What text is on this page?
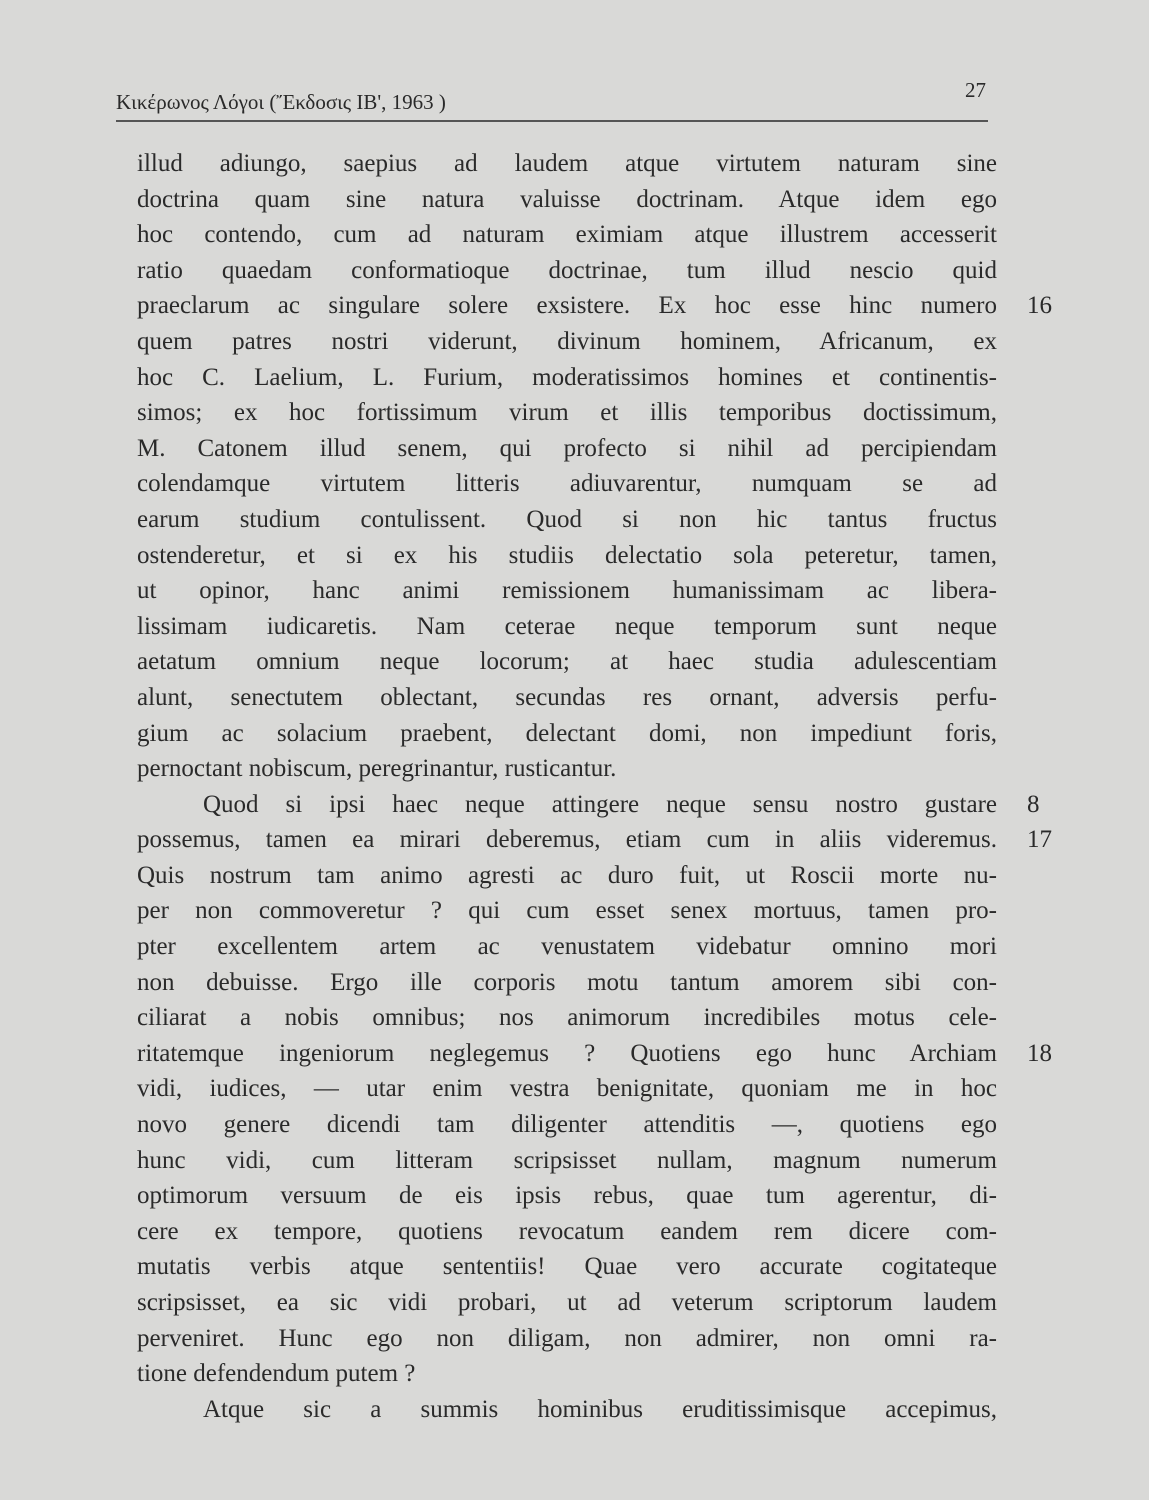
Κικέρωνος Λόγοι (Ἔκδοσις ΙΒ', 1963 )	27
illud adiungo, saepius ad laudem atque virtutem naturam sine
doctrina quam sine natura valuisse doctrinam. Atque idem ego
hoc contendo, cum ad naturam eximiam atque illustrem accesserit
ratio quaedam conformatioque doctrinae, tum illud nescio quid
praeclarum ac singulare solere exsistere. Ex hoc esse hinc numero 16
quem patres nostri viderunt, divinum hominem, Africanum, ex
hoc C. Laelium, L. Furium, moderatissimos homines et continentis-
simos; ex hoc fortissimum virum et illis temporibus doctissimum,
M. Catonem illud senem, qui profecto si nihil ad percipiendam
colendamque virtutem litteris adiuvarentur, numquam se ad
earum studium contulissent. Quod si non hic tantus fructus
ostenderetur, et si ex his studiis delectatio sola peteretur, tamen,
ut opinor, hanc animi remissionem humanissimam ac libera-
lissimam iudicaretis. Nam ceterae neque temporum sunt neque
aetatum omnium neque locorum; at haec studia adulescentiam
alunt, senectutem oblectant, secundas res ornant, adversis perfu-
gium ac solacium praebent, delectant domi, non impediunt foris,
pernoctant nobiscum, peregrinantur, rusticantur.
Quod si ipsi haec neque attingere neque sensu nostro gustare 8
possemus, tamen ea mirari deberemus, etiam cum in aliis videremus. 17
Quis nostrum tam animo agresti ac duro fuit, ut Roscii morte nu-
per non commoveretur ? qui cum esset senex mortuus, tamen pro-
pter excellentem artem ac venustatem videbatur omnino mori
non debuisse. Ergo ille corporis motu tantum amorem sibi con-
ciliarat a nobis omnibus; nos animorum incredibiles motus cele-
ritatemque ingeniorum neglegemus ? Quotiens ego hunc Archiam 18
vidi, iudices, — utar enim vestra benignitate, quoniam me in hoc
novo genere dicendi tam diligenter attenditis —, quotiens ego
hunc vidi, cum litteram scripsisset nullam, magnum numerum
optimorum versuum de eis ipsis rebus, quae tum agerentur, di-
cere ex tempore, quotiens revocatum eandem rem dicere com-
mutatis verbis atque sententiis! Quae vero accurate cogitateque
scripsisset, ea sic vidi probari, ut ad veterum scriptorum laudem
perveniret. Hunc ego non diligam, non admirer, non omni ra-
tione defendendum putem ?
Atque sic a summis hominibus eruditissimisque accepimus,
